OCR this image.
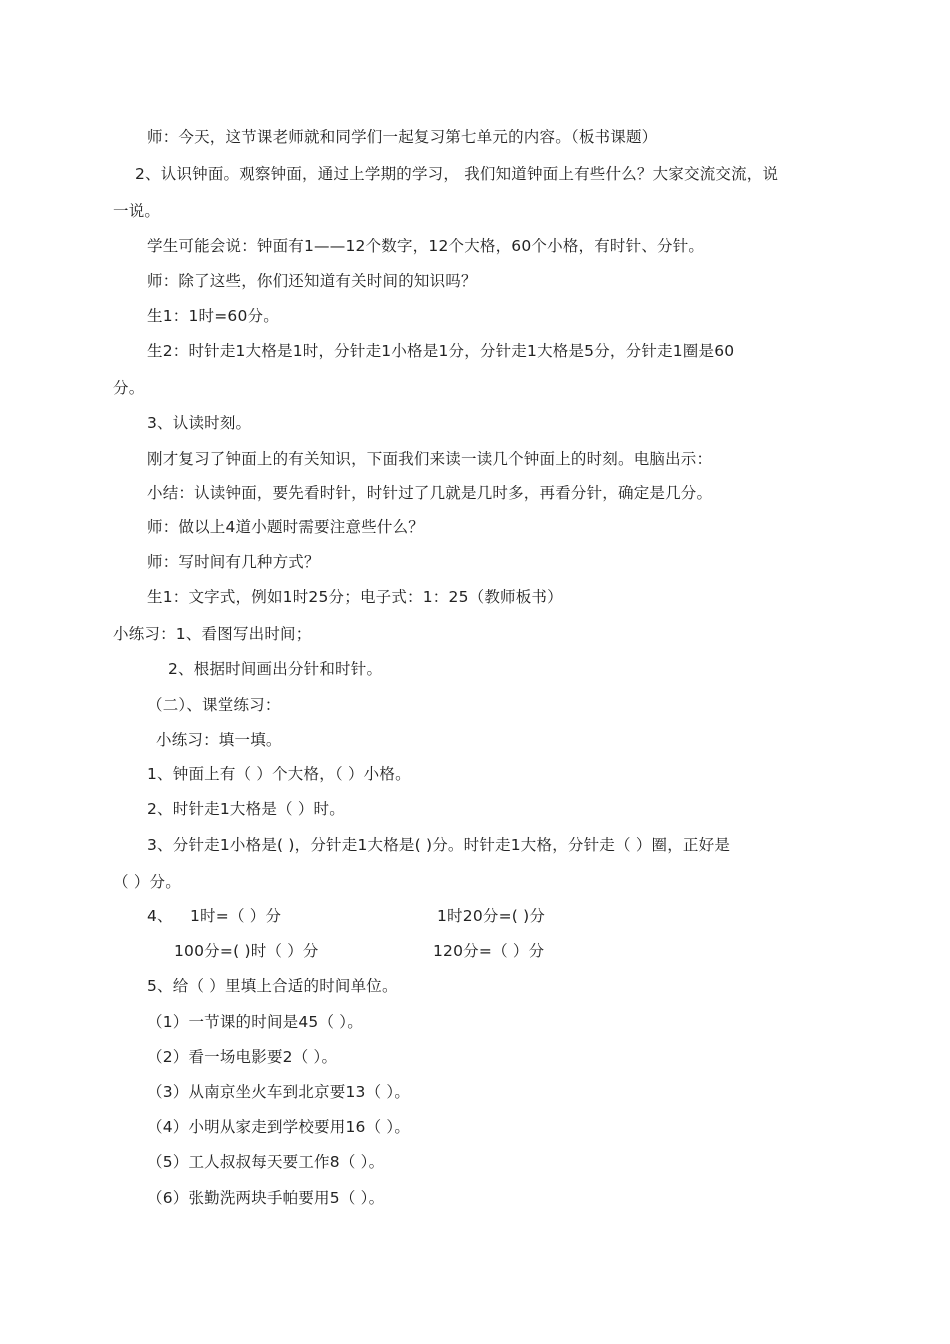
师：今天，这节课老师就和同学们一起复习第七单元的内容。（板书课题）
2、认识钟面。观察钟面，通过上学期的学习， 我们知道钟面上有些什么？大家交流交流，说
一说。
学生可能会说：钟面有1——12个数字，12个大格，60个小格，有时针、分针。
师：除了这些，你们还知道有关时间的知识吗？
生1：1时=60分。
生2：时针走1大格是1时，分针走1小格是1分，分针走1大格是5分，分针走1圈是60
分。
3、认读时刻。
刚才复习了钟面上的有关知识，下面我们来读一读几个钟面上的时刻。电脑出示：
小结：认读钟面，要先看时针，时针过了几就是几时多，再看分针，确定是几分。
师：做以上4道小题时需要注意些什么？
师：写时间有几种方式？
生1：文字式，例如1时25分；电子式：1：25（教师板书）
小练习：1、看图写出时间；
2、根据时间画出分针和时针。
（二）、课堂练习：
小练习：填一填。
1、钟面上有（ ）个大格，（ ）小格。
2、时针走1大格是（ ）时。
3、分针走1小格是( )，分针走1大格是( )分。时针走1大格，分针走（ ）圈，正好是
（ ）分。
4、 1时=（ ）分	1时20分=( )分
100分=( )时（ ）分	120分=（ ）分
5、给（ ）里填上合适的时间单位。
（1）一节课的时间是45（ ）。
（2）看一场电影要2（ ）。
（3）从南京坐火车到北京要13（ ）。
（4）小明从家走到学校要用16（ ）。
（5）工人叔叔每天要工作8（ ）。
（6）张勤洗两块手帕要用5（ ）。
